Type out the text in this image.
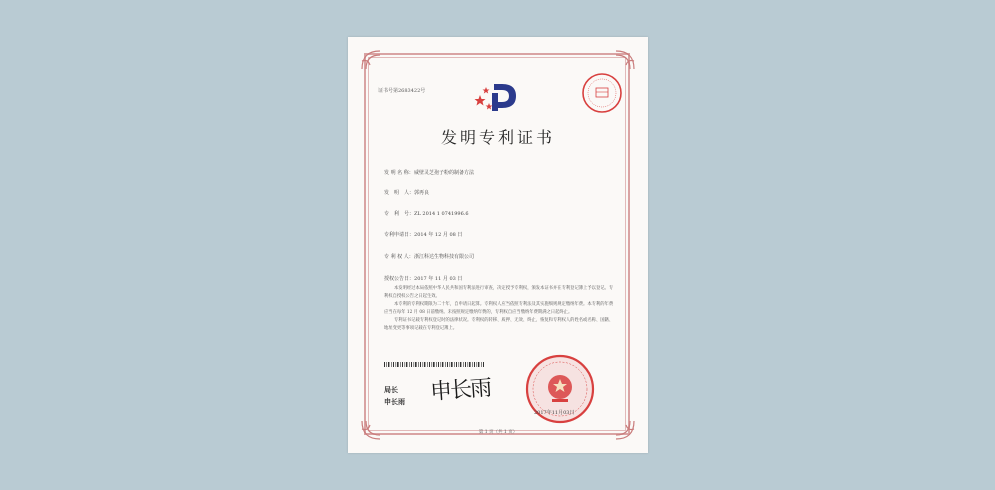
证书号第2683422号
发明专利证书
发 明 名 称：威壁灵芝孢子粉的制备方法
发　明　人：郭再良
专　利　号：ZL 2014 1 0741996.6
专利申请日：2014 年 12 月 08 日
专 利 权 人：浙江科达生物科技有限公司
授权公告日：2017 年 11 月 03 日

本发明经过本局依照中华人民共和国专利法进行审查，决定授予专利权，颁发本证书并在专利登记簿上予以登记。专利权自授权公告之日起生效。

本专利的专利权期限为二十年，自申请日起算。专利权人应当依照专利法及其实施细则规定缴纳年费。本专利的年费应当在每年 12 月 08 日前缴纳。未按照规定缴纳年费的，专利权自应当缴纳年费期满之日起终止。

专利证书记载专利权登记时的法律状况。专利权的转移、质押、无效、终止、恢复和专利权人的姓名或名称、国籍、地址变更等事项记载在专利登记簿上。

局长
申长雨 申长雨
2017年11月03日
第 1 页（共 1 页）
